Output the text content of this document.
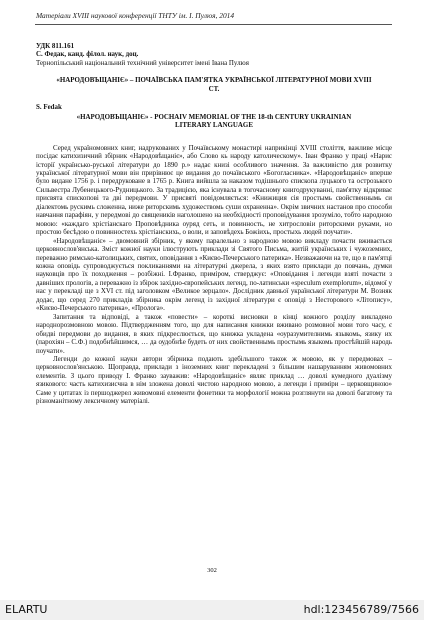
Матеріали XVIII наукової конференції ТНТУ ім. І. Пулюя, 2014

УДК 811.161

С. Федак, канд. філол. наук, доц.

Тернопільський національний технічний університет імені Івана Пулюя

«НАРОДОВЪЩАНІЄ» – ПОЧАЇВСЬКА ПАМ'ЯТКА УКРАЇНСЬКОЇ ЛІТЕРАТУРНОЇ МОВИ XVIII СТ.

S. Fedak

«НАРОДОВЪЩАНІЄ» - POCHAIV MEMORIAL OF THE 18-th CENTURY UKRAINIAN LITERARY LANGUAGE

Серед україномовних книг, надрукованих у Почаївському монастирі наприкінці XVIII століття, важливе місце посідає катихизичний збірник «Народовѣщаніє», або Слово кь народу католическому». Іван Франко у праці «Нарис історії українсько-руської літератури до 1890 р.» надає книзі особливого значення. За важливістю для розвитку української літературної мови він прирівнює це видання до почаївського «Богогласника». «Народовѣщаніє» вперше було видане 1756 р. і передруковане в 1765 р. Книга вийшла за наказом тодішнього єпископа луцького та острозького Сильвестра Лубенецького-Рудницького. За традицією, яка існувала в тогочасному книгодрукуванні, пам'ятку відкриває присвята єпископові та дві передмови. У присвяті повідомляється: «Книжиция сія простымь свойственнымь си діалектомь рускимь сложенна, ниже риторскимь художествомь суши охраненна». Окрім звичних настанов про способи навчання парафіян, у передмові до священиків наголошено на необхідності проповідування зрозуміло, тобто народною мовою: «каждаго хрістіанскаго Проповѣдника оуряд сеть, и повинность, не хитрословіи риторскими руками, но простою бесѣдою о повинностехь хрістіанскихь, о воли, и заповѣдехь Божіихь, простыхь людей поучати».

«Народовѣщаніє» – двомовний збірник, у якому паралельно з народною мовою викладу почасти вживається церковнослов'янська. Зміст кожної науки ілюструють приклади зі Святого Письма, житій українських і чужоземних, переважно римсько-католицьких, святих, оповідання з «Києво-Печерського патерика». Незважаючи на те, що в пам'ятці кожна оповідь супроводжується покликаннями на літературні джерела, з яких взято приклади до повчань, думки науковців про їх походження – розбіжні. І.Франко, приміром, стверджує: «Оповідання і легенди взяті почасти з давніших прологів, а переважно із збірок західно-європейських легенд, по-латинськи «speculum exemplorum», відомої у нас у перекладі ще з XVI ст. під заголовком «Великое зерцало». Дослідник давньої української літератури М. Возняк додає, що серед 270 прикладів збірника окрім легенд із західної літератури є оповіді з Несторового «Літопису», «Києво-Печерського патерика», «Пролога».

Запитання та відповіді, а також «повести» – короткі висновки в кінці кожного розділу викладено народнорозмовною мовою. Підтвердженням того, що для написання книжки вживано розмовної мови того часу, є обидві передмови до видання, в яких підкреслюється, що книжка укладена «оуразумителнимь языкомь, язику их (парохіян – С.Ф.) подобнѣйшимся, … да оудобнѣе будеть от них свойственнымь простымь языкомь простѣйшій народь поучати».

Легенди до кожної науки автори збірника подають здебільшого також ж мовою, як у передмовах – церковнослов'янською. Щоправда, приклади з іноземних книг перекладені з більшим нашаруванням живомовних елементів. З цього приводу І. Франко зауважив: «Народовѣщаніє» являє приклад … доволі кумедного дуалізму язикового: часть катихизисчна в нім зложена доволі чистою народною мовою, а легенди і приміри – церковщиною» Саме у цитатах із першоджерел живомовні елементи фонетики та морфології можна розглянути на доволі багатому та різноманітному лексичному матеріалі.

302
ELARTU	hdl:123456789/7566
